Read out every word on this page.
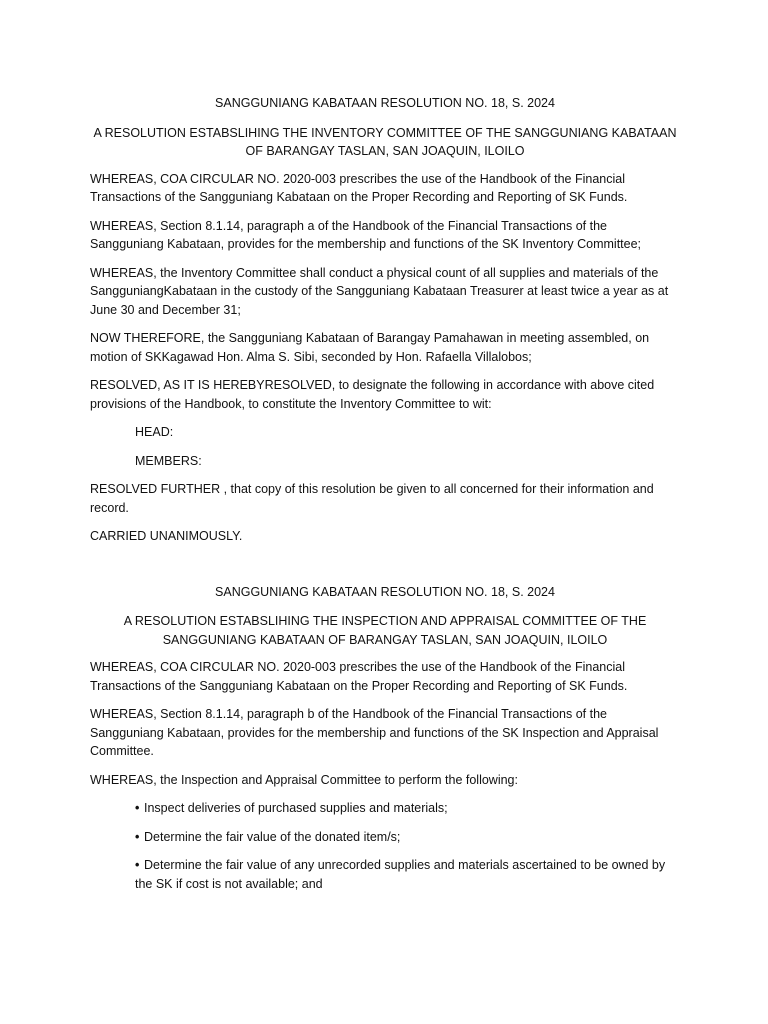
SANGGUNIANG KABATAAN RESOLUTION NO. 18, S. 2024
A RESOLUTION ESTABSLIHING THE INVENTORY COMMITTEE OF THE SANGGUNIANG KABATAAN OF BARANGAY TASLAN, SAN JOAQUIN, ILOILO

WHEREAS, COA CIRCULAR NO. 2020-003 prescribes the use of the Handbook of the Financial Transactions of the Sangguniang Kabataan on the Proper Recording and Reporting of SK Funds.

WHEREAS, Section 8.1.14, paragraph a of the Handbook of the Financial Transactions of the Sangguniang Kabataan, provides for the membership and functions of the SK Inventory Committee;

WHEREAS, the Inventory Committee shall conduct a physical count of all supplies and materials of the SangguniangKabataan in the custody of the Sangguniang Kabataan Treasurer at least twice a year as at June 30 and December 31;

NOW THEREFORE, the Sangguniang Kabataan of Barangay Pamahawan in meeting assembled, on motion of SKKagawad Hon. Alma S. Sibi, seconded by Hon. Rafaella Villalobos;

RESOLVED, AS IT IS HEREBYRESOLVED, to designate the following in accordance with above cited provisions of the Handbook, to constitute the Inventory Committee to wit:

HEAD:
MEMBERS:

RESOLVED FURTHER , that copy of this resolution be given to all concerned for their information and record.

CARRIED UNANIMOUSLY.

SANGGUNIANG KABATAAN RESOLUTION NO. 18, S. 2024
A RESOLUTION ESTABSLIHING THE INSPECTION AND APPRAISAL COMMITTEE OF THE SANGGUNIANG KABATAAN OF BARANGAY TASLAN, SAN JOAQUIN, ILOILO

WHEREAS, COA CIRCULAR NO. 2020-003 prescribes the use of the Handbook of the Financial Transactions of the Sangguniang Kabataan on the Proper Recording and Reporting of SK Funds.

WHEREAS, Section 8.1.14, paragraph b of the Handbook of the Financial Transactions of the Sangguniang Kabataan, provides for the membership and functions of the SK Inspection and Appraisal Committee.

WHEREAS, the Inspection and Appraisal Committee to perform the following:

• Inspect deliveries of purchased supplies and materials;
• Determine the fair value of the donated item/s;
• Determine the fair value of any unrecorded supplies and materials ascertained to be owned by the SK if cost is not available; and
